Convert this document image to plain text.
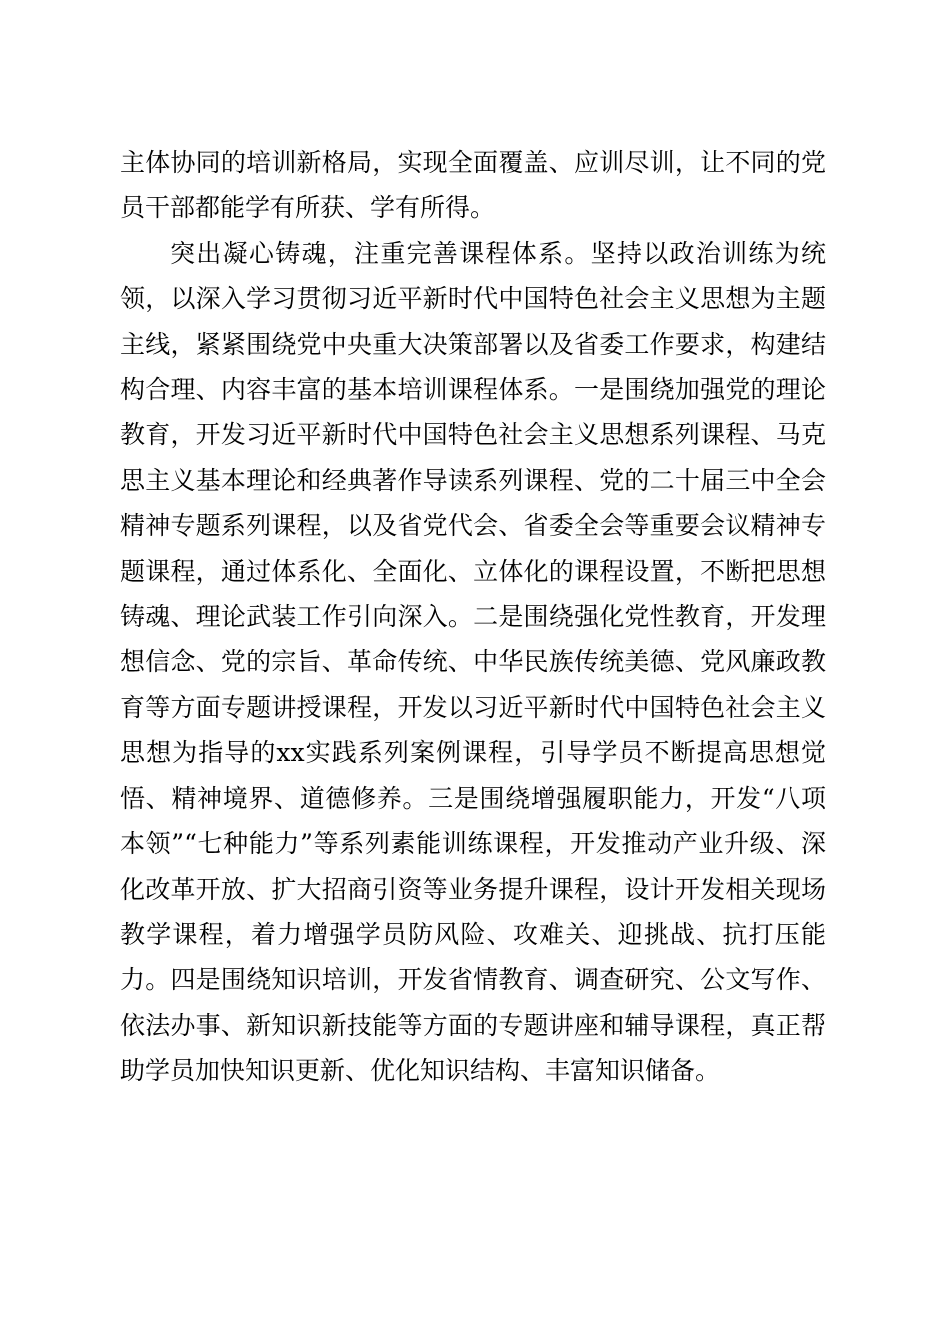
主体协同的培训新格局，实现全面覆盖、应训尽训，让不同的党员干部都能学有所获、学有所得。

突出凝心铸魂，注重完善课程体系。坚持以政治训练为统领，以深入学习贯彻习近平新时代中国特色社会主义思想为主题主线，紧紧围绕党中央重大决策部署以及省委工作要求，构建结构合理、内容丰富的基本培训课程体系。一是围绕加强党的理论教育，开发习近平新时代中国特色社会主义思想系列课程、马克思主义基本理论和经典著作导读系列课程、党的二十届三中全会精神专题系列课程，以及省党代会、省委全会等重要会议精神专题课程，通过体系化、全面化、立体化的课程设置，不断把思想铸魂、理论武装工作引向深入。二是围绕强化党性教育，开发理想信念、党的宗旨、革命传统、中华民族传统美德、党风廉政教育等方面专题讲授课程，开发以习近平新时代中国特色社会主义思想为指导的xx实践系列案例课程，引导学员不断提高思想觉悟、精神境界、道德修养。三是围绕增强履职能力，开发“八项本领”“七种能力”等系列素能训练课程，开发推动产业升级、深化改革开放、扩大招商引资等业务提升课程，设计开发相关现场教学课程，着力增强学员防风险、攻难关、迎挑战、抗打压能力。四是围绕知识培训，开发省情教育、调查研究、公文写作、依法办事、新知识新技能等方面的专题讲座和辅导课程，真正帮助学员加快知识更新、优化知识结构、丰富知识储备。
